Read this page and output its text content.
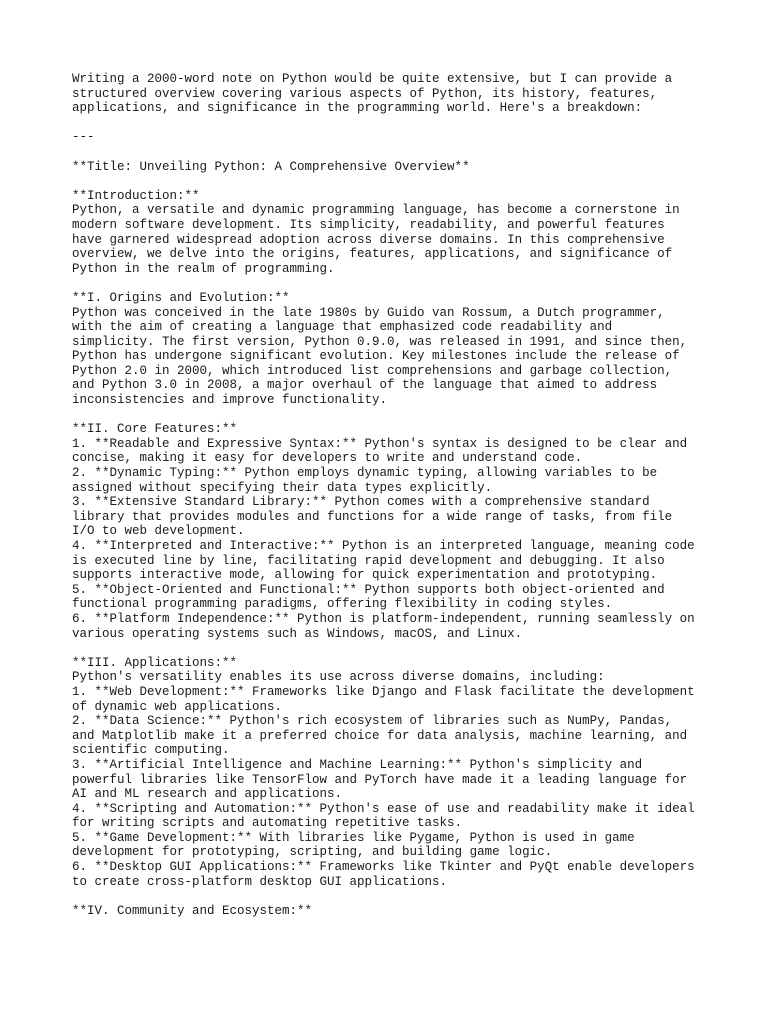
Writing a 2000-word note on Python would be quite extensive, but I can provide a
structured overview covering various aspects of Python, its history, features,
applications, and significance in the programming world. Here's a breakdown:
---
**Title: Unveiling Python: A Comprehensive Overview**
**Introduction:**
Python, a versatile and dynamic programming language, has become a cornerstone in
modern software development. Its simplicity, readability, and powerful features
have garnered widespread adoption across diverse domains. In this comprehensive
overview, we delve into the origins, features, applications, and significance of
Python in the realm of programming.
**I. Origins and Evolution:**
Python was conceived in the late 1980s by Guido van Rossum, a Dutch programmer,
with the aim of creating a language that emphasized code readability and
simplicity. The first version, Python 0.9.0, was released in 1991, and since then,
Python has undergone significant evolution. Key milestones include the release of
Python 2.0 in 2000, which introduced list comprehensions and garbage collection,
and Python 3.0 in 2008, a major overhaul of the language that aimed to address
inconsistencies and improve functionality.
**II. Core Features:**
1. **Readable and Expressive Syntax:** Python's syntax is designed to be clear and
concise, making it easy for developers to write and understand code.
2. **Dynamic Typing:** Python employs dynamic typing, allowing variables to be
assigned without specifying their data types explicitly.
3. **Extensive Standard Library:** Python comes with a comprehensive standard
library that provides modules and functions for a wide range of tasks, from file
I/O to web development.
4. **Interpreted and Interactive:** Python is an interpreted language, meaning code
is executed line by line, facilitating rapid development and debugging. It also
supports interactive mode, allowing for quick experimentation and prototyping.
5. **Object-Oriented and Functional:** Python supports both object-oriented and
functional programming paradigms, offering flexibility in coding styles.
6. **Platform Independence:** Python is platform-independent, running seamlessly on
various operating systems such as Windows, macOS, and Linux.
**III. Applications:**
Python's versatility enables its use across diverse domains, including:
1. **Web Development:** Frameworks like Django and Flask facilitate the development
of dynamic web applications.
2. **Data Science:** Python's rich ecosystem of libraries such as NumPy, Pandas,
and Matplotlib make it a preferred choice for data analysis, machine learning, and
scientific computing.
3. **Artificial Intelligence and Machine Learning:** Python's simplicity and
powerful libraries like TensorFlow and PyTorch have made it a leading language for
AI and ML research and applications.
4. **Scripting and Automation:** Python's ease of use and readability make it ideal
for writing scripts and automating repetitive tasks.
5. **Game Development:** With libraries like Pygame, Python is used in game
development for prototyping, scripting, and building game logic.
6. **Desktop GUI Applications:** Frameworks like Tkinter and PyQt enable developers
to create cross-platform desktop GUI applications.
**IV. Community and Ecosystem:**
